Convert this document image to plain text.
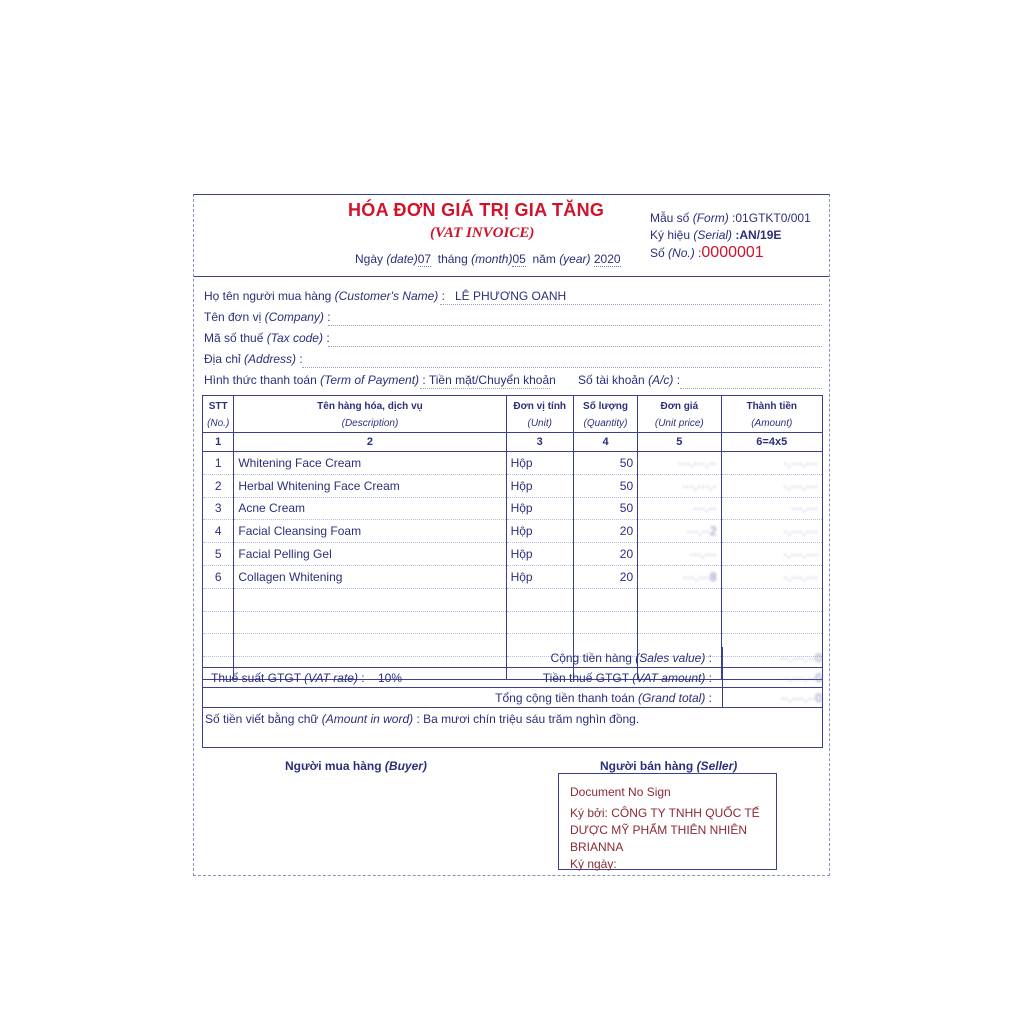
HÓA ĐƠN GIÁ TRỊ GIA TĂNG
(VAT INVOICE)
Ngày (date)07 tháng (month)05 năm (year) 2020
Mẫu số (Form) :01GTKT0/001
Ký hiệu (Serial) :AN/19E
Số (No.) :0000001
Họ tên người mua hàng (Customer's Name) : LÊ PHƯƠNG OANH
Tên đơn vị (Company) :
Mã số thuế (Tax code) :
Địa chỉ (Address) :
Hình thức thanh toán (Term of Payment) : Tiền mặt/Chuyển khoản Số tài khoản (A/c) :
STT	Tên hàng hóa, dịch vụ	Đơn vị tính	Số lượng	Đơn giá	Thành tiền
(No.)	(Description)	(Unit)	(Quantity)	(Unit price)	(Amount)
1	2	3	4	5	6=4x5
1	Whitening Face Cream	Hộp	50	···.···.··	·.···.···
2	Herbal Whitening Face Cream	Hộp	50	···.···.·	·.···.···
3	Acne Cream	Hộp	50	···.··	···.···
4	Facial Cleansing Foam	Hộp	20	···.··2	·.···.···
5	Facial Pelling Gel	Hộp	20	···.···	·.···.···
6	Collagen Whitening	Hộp	20	···.···8	·.···.···

Cộng tiền hàng (Sales value) :	··.···.··0
Thuế suất GTGT (VAT rate) :    10%	Tiền thuế GTGT (VAT amount) :	·.···.··0
Tổng cộng tiền thanh toán (Grand total) :	··.···.··0
Số tiền viết bằng chữ (Amount in word) : Ba mươi chín triệu sáu trăm nghìn đồng.
Người mua hàng (Buyer)	Người bán hàng (Seller)
Document No Sign
Ký bởi: CÔNG TY TNHH QUỐC TẾ
DƯỢC MỸ PHẨM THIÊN NHIÊN
BRIANNA
Ký ngày:
